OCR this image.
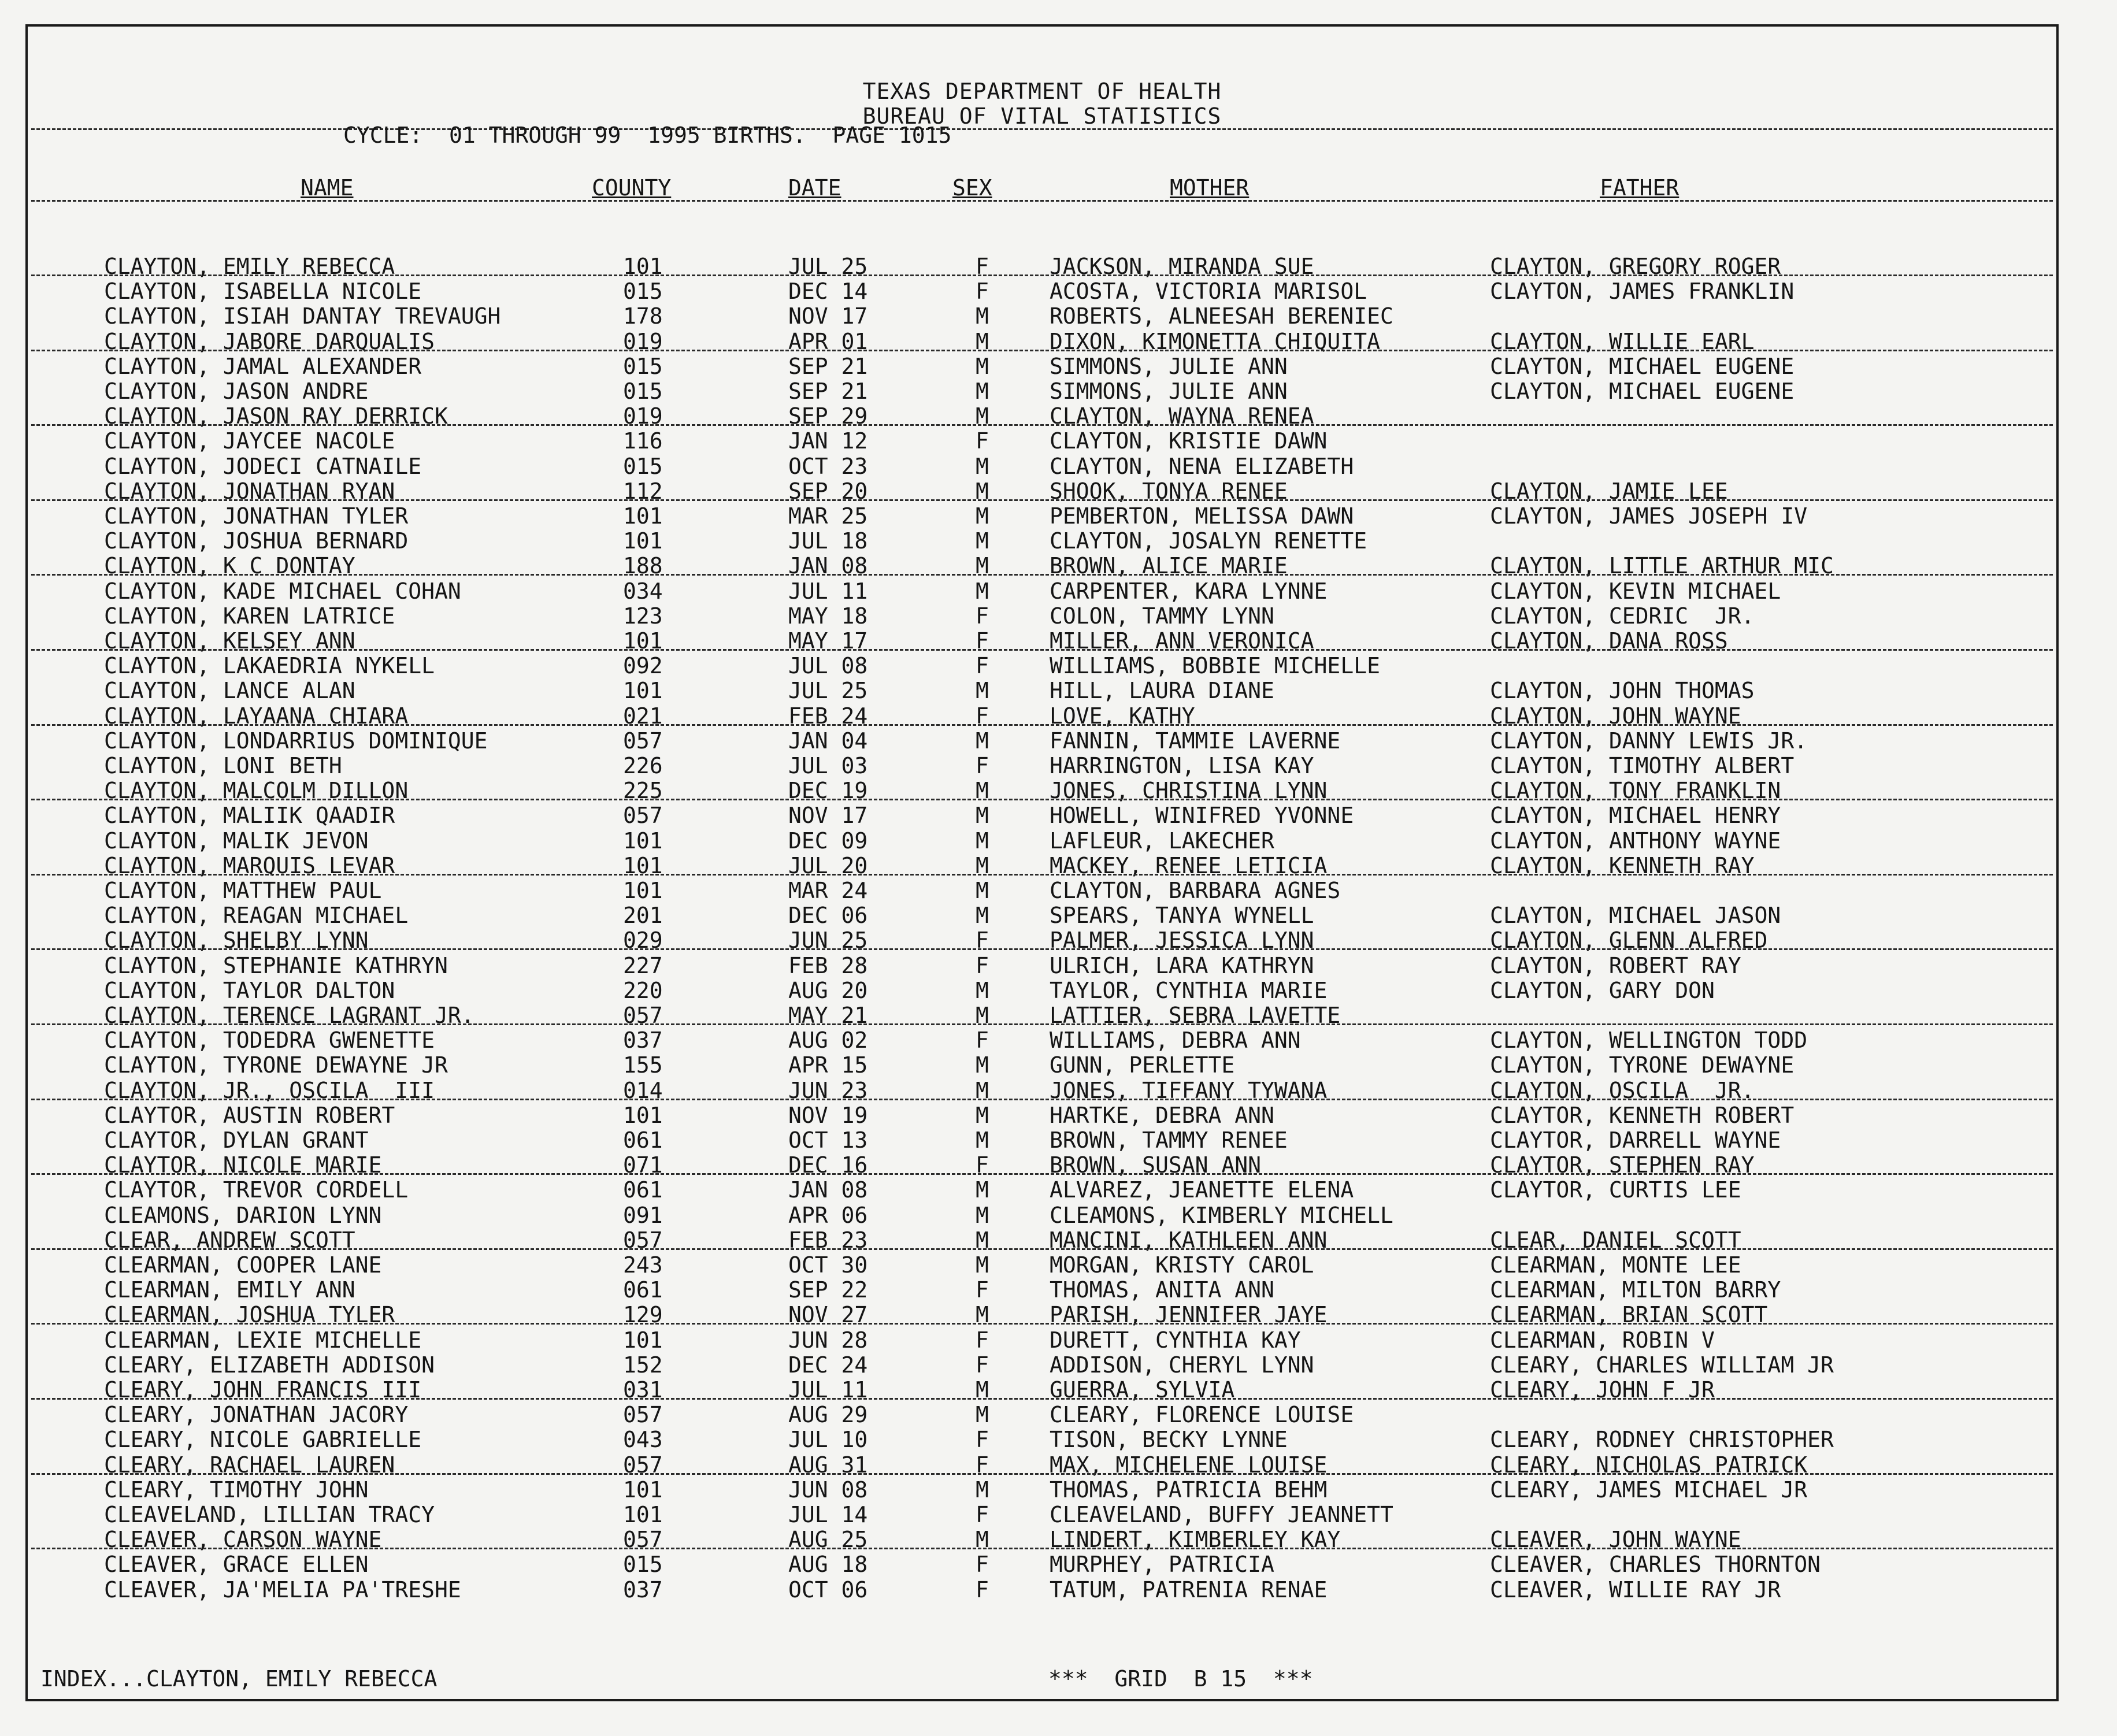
TEXAS DEPARTMENT OF HEALTH
BUREAU OF VITAL STATISTICS
CYCLE:  01 THROUGH 99  1995 BIRTHS.  PAGE 1015
NAME	COUNTY	DATE	SEX	MOTHER	FATHER
CLAYTON, EMILY REBECCA	101	JUL 25	F	JACKSON, MIRANDA SUE	CLAYTON, GREGORY ROGER
CLAYTON, ISABELLA NICOLE	015	DEC 14	F	ACOSTA, VICTORIA MARISOL	CLAYTON, JAMES FRANKLIN
CLAYTON, ISIAH DANTAY TREVAUGH	178	NOV 17	M	ROBERTS, ALNEESAH BERENIEC
CLAYTON, JABORE DARQUALIS	019	APR 01	M	DIXON, KIMONETTA CHIQUITA	CLAYTON, WILLIE EARL
CLAYTON, JAMAL ALEXANDER	015	SEP 21	M	SIMMONS, JULIE ANN	CLAYTON, MICHAEL EUGENE
CLAYTON, JASON ANDRE	015	SEP 21	M	SIMMONS, JULIE ANN	CLAYTON, MICHAEL EUGENE
CLAYTON, JASON RAY DERRICK	019	SEP 29	M	CLAYTON, WAYNA RENEA
CLAYTON, JAYCEE NACOLE	116	JAN 12	F	CLAYTON, KRISTIE DAWN
CLAYTON, JODECI CATNAILE	015	OCT 23	M	CLAYTON, NENA ELIZABETH
CLAYTON, JONATHAN RYAN	112	SEP 20	M	SHOOK, TONYA RENEE	CLAYTON, JAMIE LEE
CLAYTON, JONATHAN TYLER	101	MAR 25	M	PEMBERTON, MELISSA DAWN	CLAYTON, JAMES JOSEPH IV
CLAYTON, JOSHUA BERNARD	101	JUL 18	M	CLAYTON, JOSALYN RENETTE
CLAYTON, K C DONTAY	188	JAN 08	M	BROWN, ALICE MARIE	CLAYTON, LITTLE ARTHUR MIC
CLAYTON, KADE MICHAEL COHAN	034	JUL 11	M	CARPENTER, KARA LYNNE	CLAYTON, KEVIN MICHAEL
CLAYTON, KAREN LATRICE	123	MAY 18	F	COLON, TAMMY LYNN	CLAYTON, CEDRIC  JR.
CLAYTON, KELSEY ANN	101	MAY 17	F	MILLER, ANN VERONICA	CLAYTON, DANA ROSS
CLAYTON, LAKAEDRIA NYKELL	092	JUL 08	F	WILLIAMS, BOBBIE MICHELLE
CLAYTON, LANCE ALAN	101	JUL 25	M	HILL, LAURA DIANE	CLAYTON, JOHN THOMAS
CLAYTON, LAYAANA CHIARA	021	FEB 24	F	LOVE, KATHY	CLAYTON, JOHN WAYNE
CLAYTON, LONDARRIUS DOMINIQUE	057	JAN 04	M	FANNIN, TAMMIE LAVERNE	CLAYTON, DANNY LEWIS JR.
CLAYTON, LONI BETH	226	JUL 03	F	HARRINGTON, LISA KAY	CLAYTON, TIMOTHY ALBERT
CLAYTON, MALCOLM DILLON	225	DEC 19	M	JONES, CHRISTINA LYNN	CLAYTON, TONY FRANKLIN
CLAYTON, MALIIK QAADIR	057	NOV 17	M	HOWELL, WINIFRED YVONNE	CLAYTON, MICHAEL HENRY
CLAYTON, MALIK JEVON	101	DEC 09	M	LAFLEUR, LAKECHER	CLAYTON, ANTHONY WAYNE
CLAYTON, MARQUIS LEVAR	101	JUL 20	M	MACKEY, RENEE LETICIA	CLAYTON, KENNETH RAY
CLAYTON, MATTHEW PAUL	101	MAR 24	M	CLAYTON, BARBARA AGNES
CLAYTON, REAGAN MICHAEL	201	DEC 06	M	SPEARS, TANYA WYNELL	CLAYTON, MICHAEL JASON
CLAYTON, SHELBY LYNN	029	JUN 25	F	PALMER, JESSICA LYNN	CLAYTON, GLENN ALFRED
CLAYTON, STEPHANIE KATHRYN	227	FEB 28	F	ULRICH, LARA KATHRYN	CLAYTON, ROBERT RAY
CLAYTON, TAYLOR DALTON	220	AUG 20	M	TAYLOR, CYNTHIA MARIE	CLAYTON, GARY DON
CLAYTON, TERENCE LAGRANT JR.	057	MAY 21	M	LATTIER, SEBRA LAVETTE
CLAYTON, TODEDRA GWENETTE	037	AUG 02	F	WILLIAMS, DEBRA ANN	CLAYTON, WELLINGTON TODD
CLAYTON, TYRONE DEWAYNE JR	155	APR 15	M	GUNN, PERLETTE	CLAYTON, TYRONE DEWAYNE
CLAYTON, JR., OSCILA  III	014	JUN 23	M	JONES, TIFFANY TYWANA	CLAYTON, OSCILA  JR.
CLAYTOR, AUSTIN ROBERT	101	NOV 19	M	HARTKE, DEBRA ANN	CLAYTOR, KENNETH ROBERT
CLAYTOR, DYLAN GRANT	061	OCT 13	M	BROWN, TAMMY RENEE	CLAYTOR, DARRELL WAYNE
CLAYTOR, NICOLE MARIE	071	DEC 16	F	BROWN, SUSAN ANN	CLAYTOR, STEPHEN RAY
CLAYTOR, TREVOR CORDELL	061	JAN 08	M	ALVAREZ, JEANETTE ELENA	CLAYTOR, CURTIS LEE
CLEAMONS, DARION LYNN	091	APR 06	M	CLEAMONS, KIMBERLY MICHELL
CLEAR, ANDREW SCOTT	057	FEB 23	M	MANCINI, KATHLEEN ANN	CLEAR, DANIEL SCOTT
CLEARMAN, COOPER LANE	243	OCT 30	M	MORGAN, KRISTY CAROL	CLEARMAN, MONTE LEE
CLEARMAN, EMILY ANN	061	SEP 22	F	THOMAS, ANITA ANN	CLEARMAN, MILTON BARRY
CLEARMAN, JOSHUA TYLER	129	NOV 27	M	PARISH, JENNIFER JAYE	CLEARMAN, BRIAN SCOTT
CLEARMAN, LEXIE MICHELLE	101	JUN 28	F	DURETT, CYNTHIA KAY	CLEARMAN, ROBIN V
CLEARY, ELIZABETH ADDISON	152	DEC 24	F	ADDISON, CHERYL LYNN	CLEARY, CHARLES WILLIAM JR
CLEARY, JOHN FRANCIS III	031	JUL 11	M	GUERRA, SYLVIA	CLEARY, JOHN F JR
CLEARY, JONATHAN JACORY	057	AUG 29	M	CLEARY, FLORENCE LOUISE
CLEARY, NICOLE GABRIELLE	043	JUL 10	F	TISON, BECKY LYNNE	CLEARY, RODNEY CHRISTOPHER
CLEARY, RACHAEL LAUREN	057	AUG 31	F	MAX, MICHELENE LOUISE	CLEARY, NICHOLAS PATRICK
CLEARY, TIMOTHY JOHN	101	JUN 08	M	THOMAS, PATRICIA BEHM	CLEARY, JAMES MICHAEL JR
CLEAVELAND, LILLIAN TRACY	101	JUL 14	F	CLEAVELAND, BUFFY JEANNETT
CLEAVER, CARSON WAYNE	057	AUG 25	M	LINDERT, KIMBERLEY KAY	CLEAVER, JOHN WAYNE
CLEAVER, GRACE ELLEN	015	AUG 18	F	MURPHEY, PATRICIA	CLEAVER, CHARLES THORNTON
CLEAVER, JA'MELIA PA'TRESHE	037	OCT 06	F	TATUM, PATRENIA RENAE	CLEAVER, WILLIE RAY JR
INDEX...CLAYTON, EMILY REBECCA	***  GRID  B 15  ***
